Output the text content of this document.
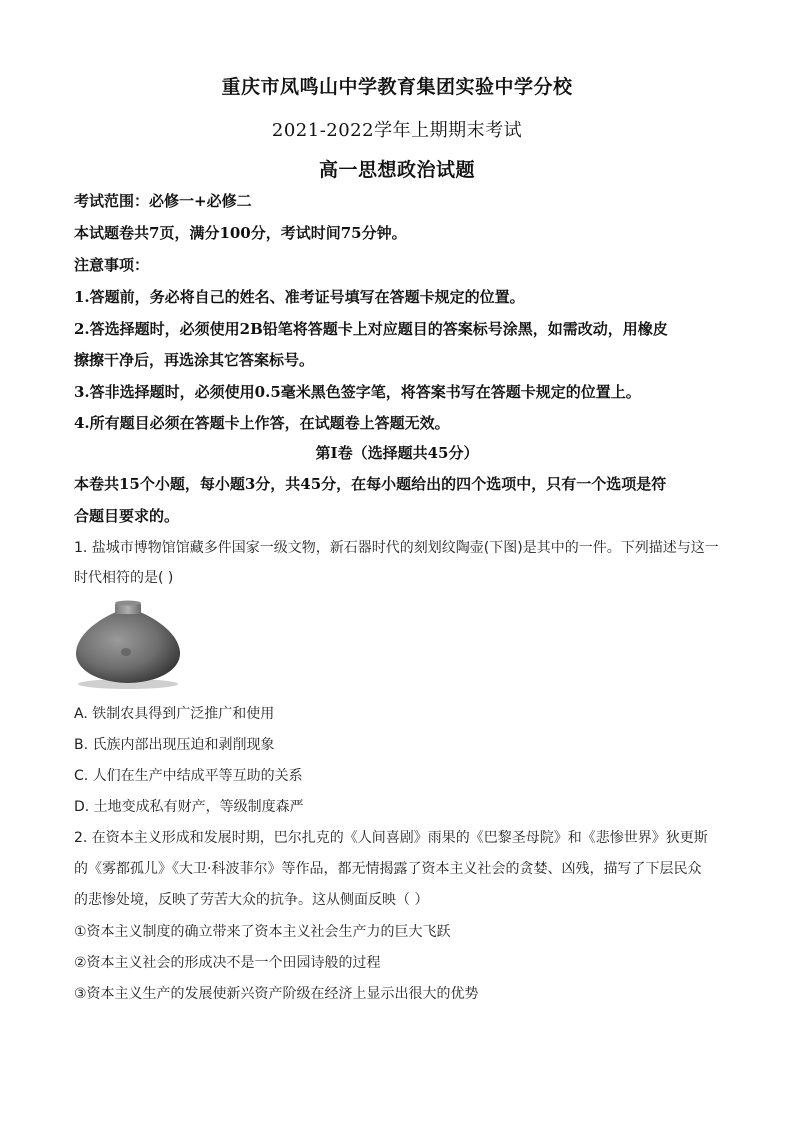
重庆市凤鸣山中学教育集团实验中学分校
2021-2022学年上期期末考试
高一思想政治试题
考试范围：必修一+必修二
本试题卷共7页，满分100分，考试时间75分钟。
注意事项：
1.答题前，务必将自己的姓名、准考证号填写在答题卡规定的位置。
2.答选择题时，必须使用2B铅笔将答题卡上对应题目的答案标号涂黑，如需改动，用橡皮
擦擦干净后，再选涂其它答案标号。
3.答非选择题时，必须使用0.5毫米黑色签字笔，将答案书写在答题卡规定的位置上。
4.所有题目必须在答题卡上作答，在试题卷上答题无效。
第Ⅰ卷（选择题共45分）
本卷共15个小题，每小题3分，共45分，在每小题给出的四个选项中，只有一个选项是符
合题目要求的。
1. 盐城市博物馆馆藏多件国家一级文物，新石器时代的刻划纹陶壶(下图)是其中的一件。下列描述与这一
时代相符的是( )
A. 铁制农具得到广泛推广和使用
B. 氏族内部出现压迫和剥削现象
C. 人们在生产中结成平等互助的关系
D. 土地变成私有财产，等级制度森严
2. 在资本主义形成和发展时期，巴尔扎克的《人间喜剧》雨果的《巴黎圣母院》和《悲惨世界》狄更斯
的《雾都孤儿》《大卫·科波菲尔》等作品，都无情揭露了资本主义社会的贪婪、凶残，描写了下层民众
的悲惨处境，反映了劳苦大众的抗争。这从侧面反映（ ）
①资本主义制度的确立带来了资本主义社会生产力的巨大飞跃
②资本主义社会的形成决不是一个田园诗般的过程
③资本主义生产的发展使新兴资产阶级在经济上显示出很大的优势
